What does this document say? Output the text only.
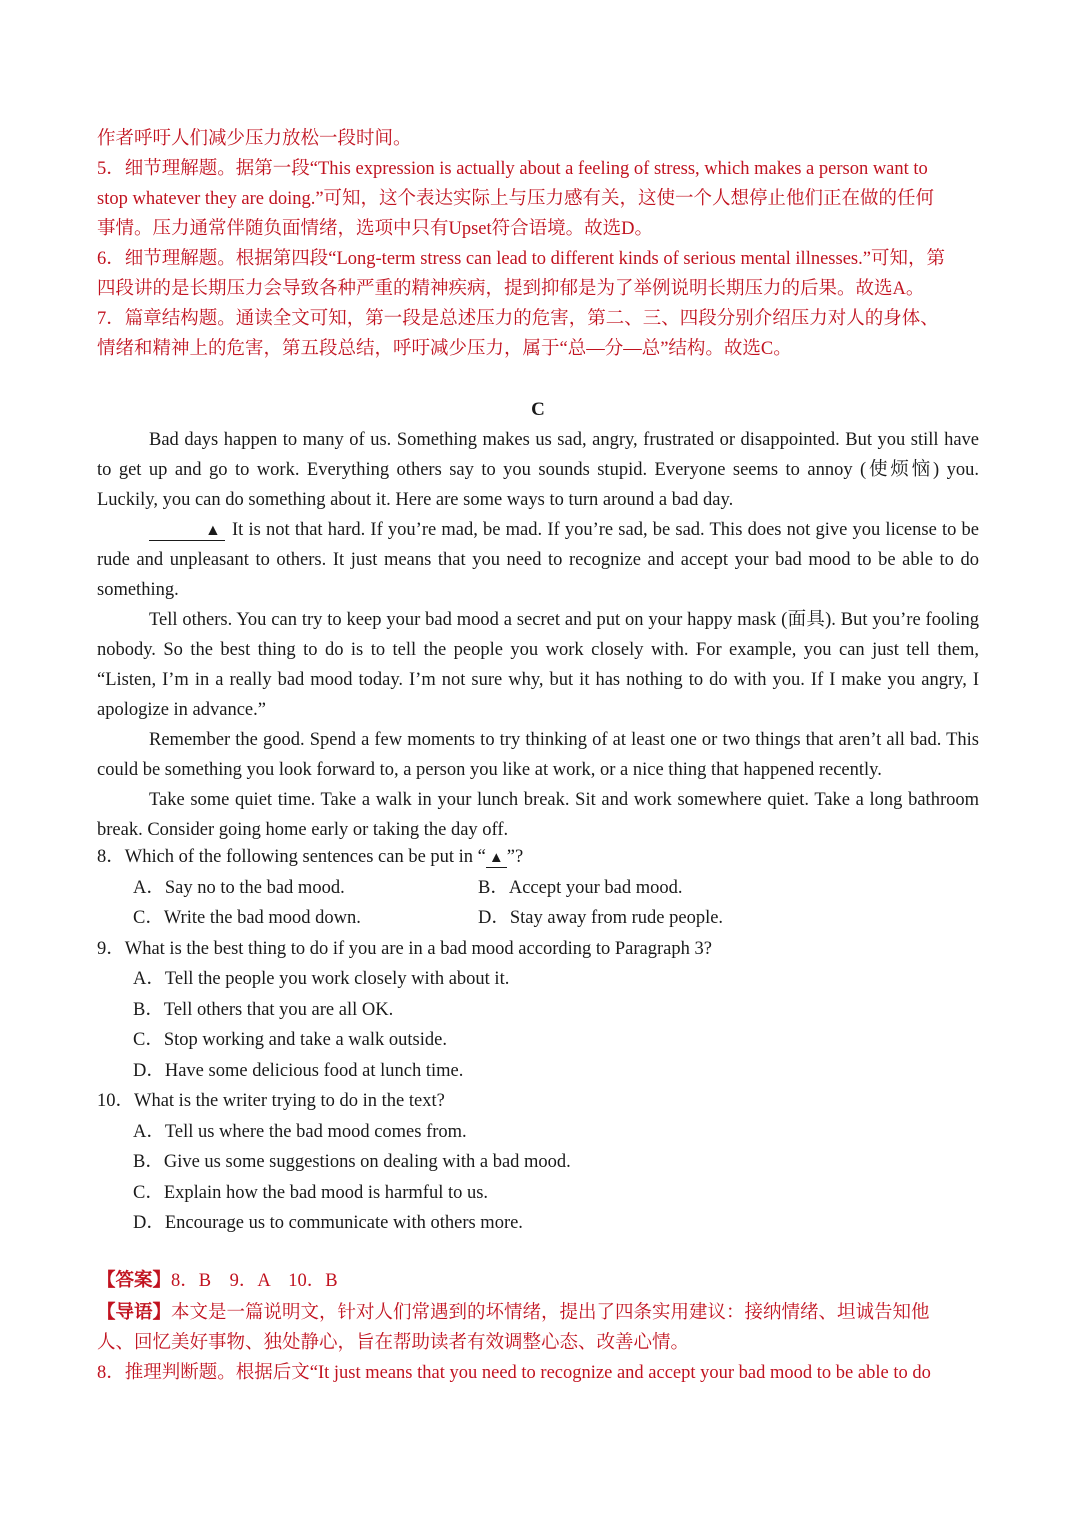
作者呼吁人们减少压力放松一段时间。
5．细节理解题。据第一段“This expression is actually about a feeling of stress, which makes a person want to
stop whatever they are doing.”可知，这个表达实际上与压力感有关，这使一个人想停止他们正在做的任何
事情。压力通常伴随负面情绪，选项中只有Upset符合语境。故选D。
6．细节理解题。根据第四段“Long-term stress can lead to different kinds of serious mental illnesses.”可知，第
四段讲的是长期压力会导致各种严重的精神疾病，提到抑郁是为了举例说明长期压力的后果。故选A。
7．篇章结构题。通读全文可知，第一段是总述压力的危害，第二、三、四段分别介绍压力对人的身体、
情绪和精神上的危害，第五段总结，呼吁减少压力，属于“总—分—总”结构。故选C。
C
Bad days happen to many of us. Something makes us sad, angry, frustrated or disappointed. But you still have to get up and go to work. Everything others say to you sounds stupid. Everyone seems to annoy (使烦恼) you. Luckily, you can do something about it. Here are some ways to turn around a bad day.
▲ It is not that hard. If you’re mad, be mad. If you’re sad, be sad. This does not give you license to be rude and unpleasant to others. It just means that you need to recognize and accept your bad mood to be able to do something.
Tell others. You can try to keep your bad mood a secret and put on your happy mask (面具). But you’re fooling nobody. So the best thing to do is to tell the people you work closely with. For example, you can just tell them, “Listen, I’m in a really bad mood today. I’m not sure why, but it has nothing to do with you. If I make you angry, I apologize in advance.”
Remember the good. Spend a few moments to try thinking of at least one or two things that aren’t all bad. This could be something you look forward to, a person you like at work, or a nice thing that happened recently.
Take some quiet time. Take a walk in your lunch break. Sit and work somewhere quiet. Take a long bathroom break. Consider going home early or taking the day off.
8．Which of the following sentences can be put in “ ▲ ”?
A．Say no to the bad mood.	B．Accept your bad mood.
C．Write the bad mood down.	D．Stay away from rude people.
9．What is the best thing to do if you are in a bad mood according to Paragraph 3?
A．Tell the people you work closely with about it.
B．Tell others that you are all OK.
C．Stop working and take a walk outside.
D．Have some delicious food at lunch time.
10．What is the writer trying to do in the text?
A．Tell us where the bad mood comes from.
B．Give us some suggestions on dealing with a bad mood.
C．Explain how the bad mood is harmful to us.
D．Encourage us to communicate with others more.
【答案】8．B　9．A　10．B
【导语】本文是一篇说明文，针对人们常遇到的坏情绪，提出了四条实用建议：接纳情绪、坦诚告知他
人、回忆美好事物、独处静心，旨在帮助读者有效调整心态、改善心情。
8．推理判断题。根据后文“It just means that you need to recognize and accept your bad mood to be able to do
